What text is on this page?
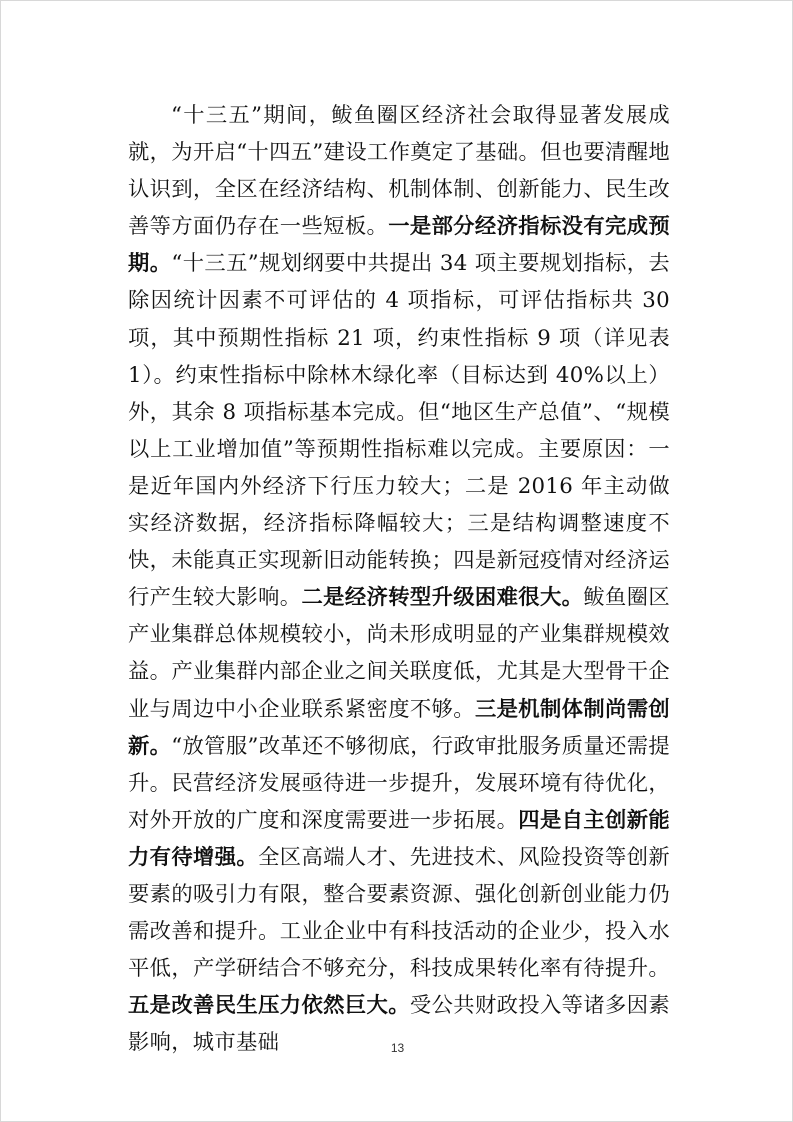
“十三五”期间，鲅鱼圈区经济社会取得显著发展成就，为开启“十四五”建设工作奠定了基础。但也要清醒地认识到，全区在经济结构、机制体制、创新能力、民生改善等方面仍存在一些短板。一是部分经济指标没有完成预期。“十三五”规划纲要中共提出 34 项主要规划指标，去除因统计因素不可评估的 4 项指标，可评估指标共 30 项，其中预期性指标 21 项，约束性指标 9 项（详见表 1）。约束性指标中除林木绿化率（目标达到 40%以上）外，其余 8 项指标基本完成。但“地区生产总值”、“规模以上工业增加值”等预期性指标难以完成。主要原因：一是近年国内外经济下行压力较大；二是 2016 年主动做实经济数据，经济指标降幅较大；三是结构调整速度不快，未能真正实现新旧动能转换；四是新冠疫情对经济运行产生较大影响。二是经济转型升级困难很大。鲅鱼圈区产业集群总体规模较小，尚未形成明显的产业集群规模效益。产业集群内部企业之间关联度低，尤其是大型骨干企业与周边中小企业联系紧密度不够。三是机制体制尚需创新。“放管服”改革还不够彻底，行政审批服务质量还需提升。民营经济发展亟待进一步提升，发展环境有待优化，对外开放的广度和深度需要进一步拓展。四是自主创新能力有待增强。全区高端人才、先进技术、风险投资等创新要素的吸引力有限，整合要素资源、强化创新创业能力仍需改善和提升。工业企业中有科技活动的企业少，投入水平低，产学研结合不够充分，科技成果转化率有待提升。五是改善民生压力依然巨大。受公共财政投入等诸多因素影响，城市基础	13
